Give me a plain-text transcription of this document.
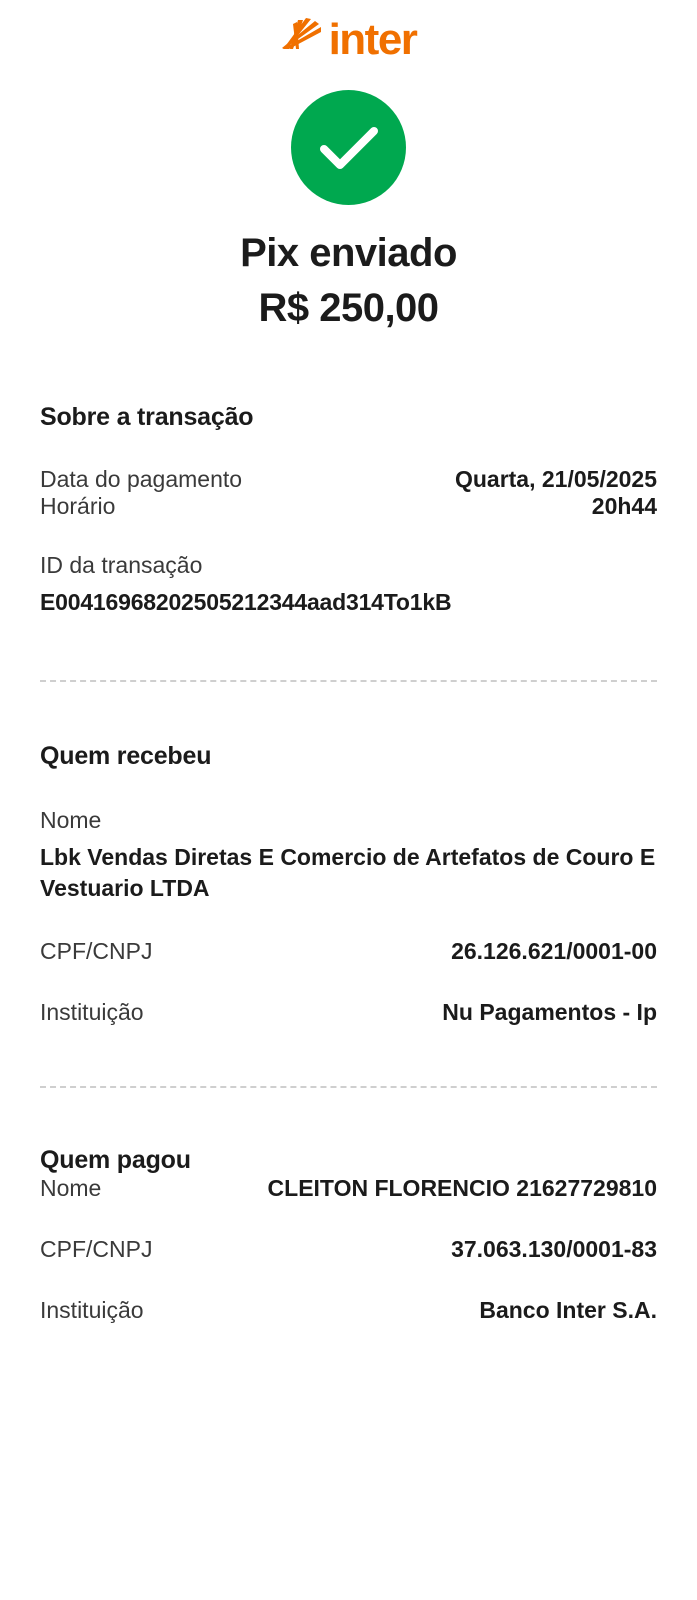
inter
Pix enviado
R$ 250,00
Sobre a transação
Data do pagamento	Quarta, 21/05/2025
Horário	20h44
ID da transação
E00416968202505212344aad314To1kB
Quem recebeu
Nome
Lbk Vendas Diretas E Comercio de Artefatos de Couro E Vestuario LTDA
CPF/CNPJ	26.126.621/0001-00
Instituição	Nu Pagamentos - Ip
Quem pagou
Nome	CLEITON FLORENCIO 21627729810
CPF/CNPJ	37.063.130/0001-83
Instituição	Banco Inter S.A.
